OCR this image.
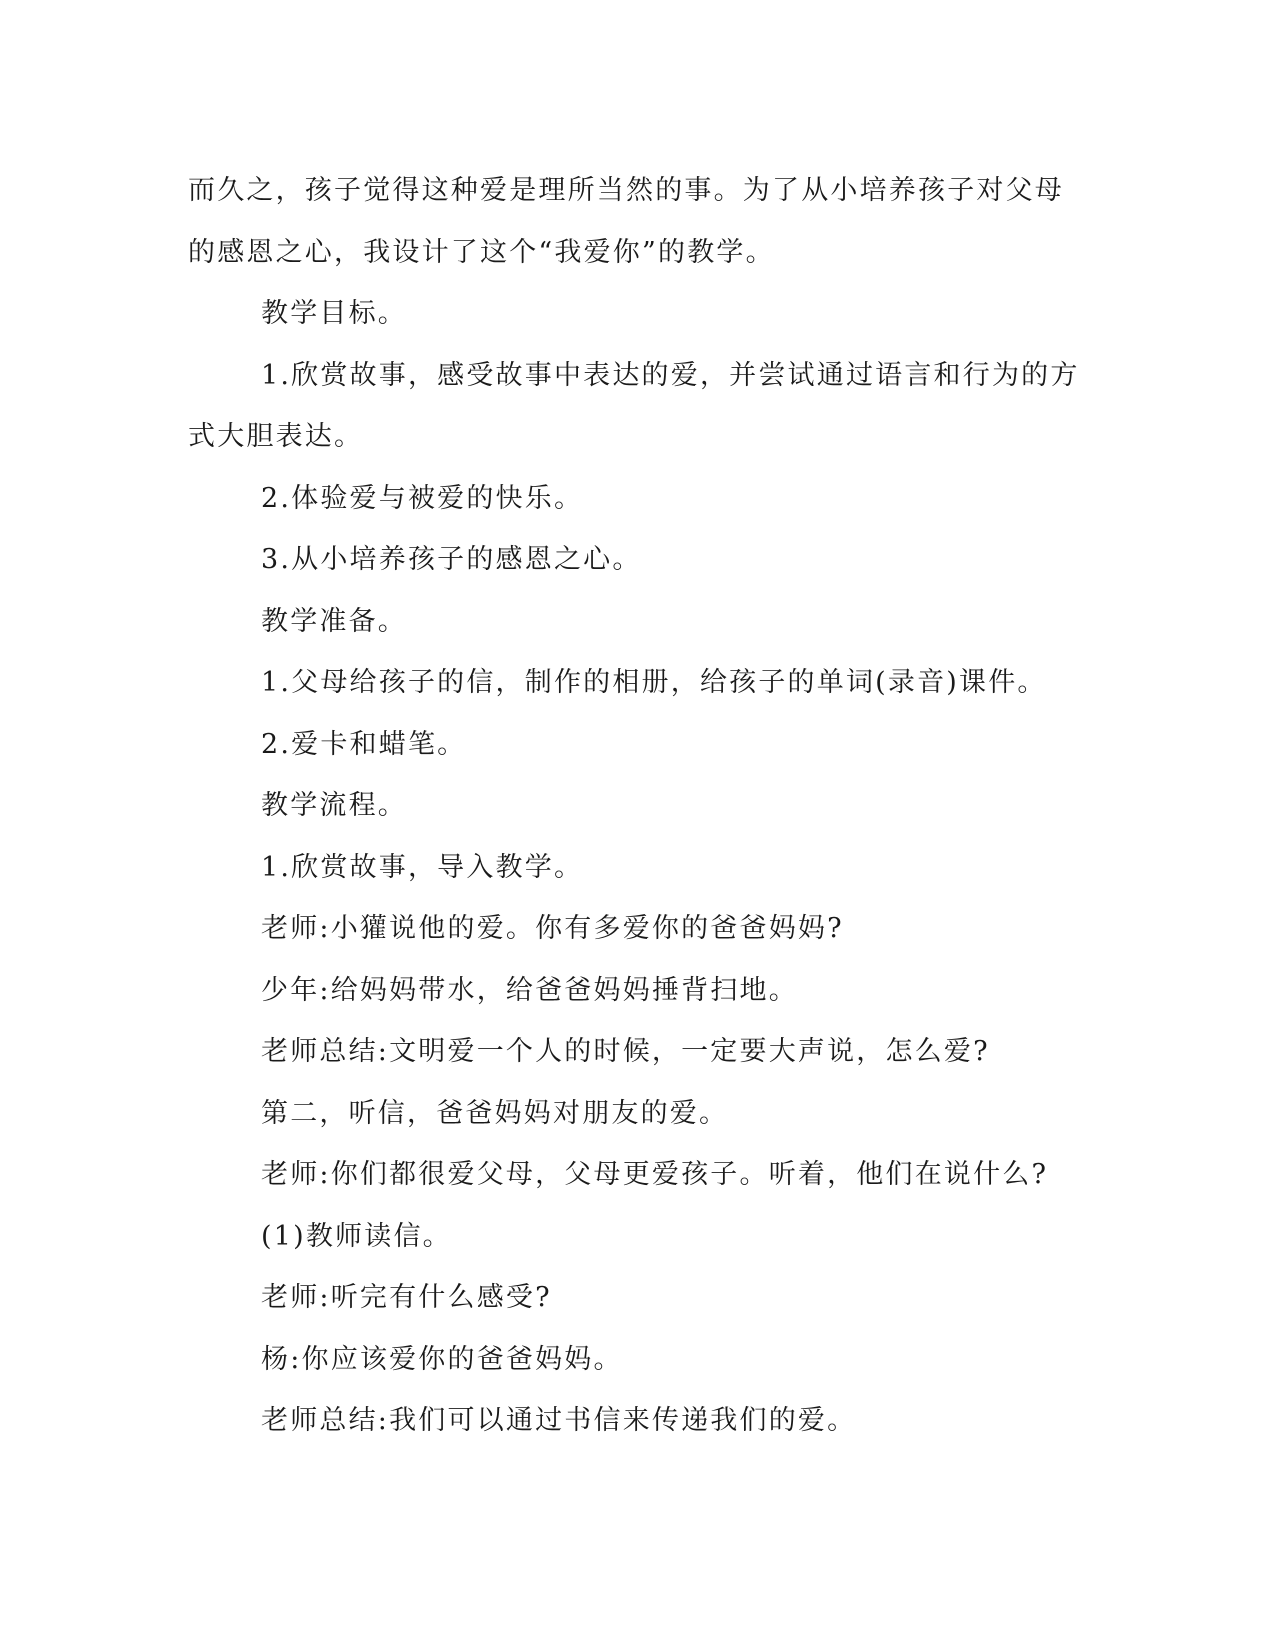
而久之，孩子觉得这种爱是理所当然的事。为了从小培养孩子对父母
的感恩之心，我设计了这个“我爱你”的教学。
教学目标。
1.欣赏故事，感受故事中表达的爱，并尝试通过语言和行为的方
式大胆表达。
2.体验爱与被爱的快乐。
3.从小培养孩子的感恩之心。
教学准备。
1.父母给孩子的信，制作的相册，给孩子的单词(录音)课件。
2.爱卡和蜡笔。
教学流程。
1.欣赏故事，导入教学。
老师:小獾说他的爱。你有多爱你的爸爸妈妈?
少年:给妈妈带水，给爸爸妈妈捶背扫地。
老师总结:文明爱一个人的时候，一定要大声说，怎么爱?
第二，听信，爸爸妈妈对朋友的爱。
老师:你们都很爱父母，父母更爱孩子。听着，他们在说什么?
(1)教师读信。
老师:听完有什么感受?
杨:你应该爱你的爸爸妈妈。
老师总结:我们可以通过书信来传递我们的爱。
